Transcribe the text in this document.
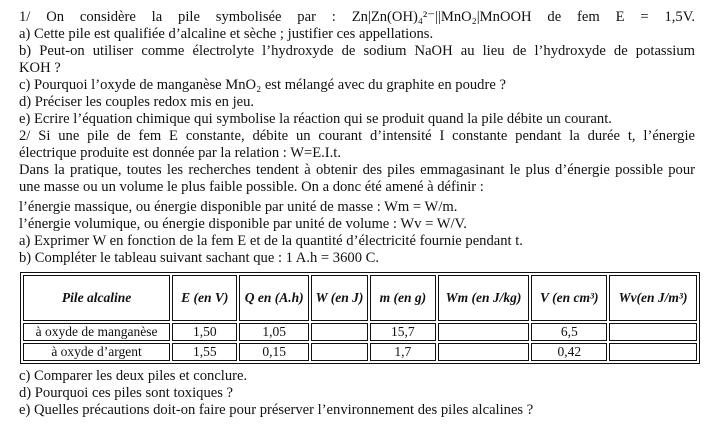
1/ On considère la pile symbolisée par : Zn|Zn(OH)₄²⁻||MnO₂|MnOOH de fem E = 1,5V.
a) Cette pile est qualifiée d’alcaline et sèche ; justifier ces appellations.
b) Peut-on utiliser comme électrolyte l’hydroxyde de sodium NaOH au lieu de l’hydroxyde de potassium
KOH ?
c) Pourquoi l’oxyde de manganèse MnO₂ est mélangé avec du graphite en poudre ?
d) Préciser les couples redox mis en jeu.
e) Ecrire l’équation chimique qui symbolise la réaction qui se produit quand la pile débite un courant.
2/ Si une pile de fem E constante, débite un courant d’intensité I constante pendant la durée t, l’énergie
électrique produite est donnée par la relation : W=E.I.t.
Dans la pratique, toutes les recherches tendent à obtenir des piles emmagasinant le plus d’énergie possible pour
une masse ou un volume le plus faible possible. On a donc été amené à définir :
l’énergie massique, ou énergie disponible par unité de masse : Wm = W/m.
l’énergie volumique, ou énergie disponible par unité de volume : Wv = W/V.
a) Exprimer W en fonction de la fem E et de la quantité d’électricité fournie pendant t.
b) Compléter le tableau suivant sachant que : 1 A.h = 3600 C.
Pile alcaline	E (en V)	Q en (A.h)	W (en J)	m (en g)	Wm (en J/kg)	V (en cm³)	Wv(en J/m³)
à oxyde de manganèse	1,50	1,05		15,7		6,5	
à oxyde d’argent	1,55	0,15		1,7		0,42	
c) Comparer les deux piles et conclure.
d) Pourquoi ces piles sont toxiques ?
e) Quelles précautions doit-on faire pour préserver l’environnement des piles alcalines ?
